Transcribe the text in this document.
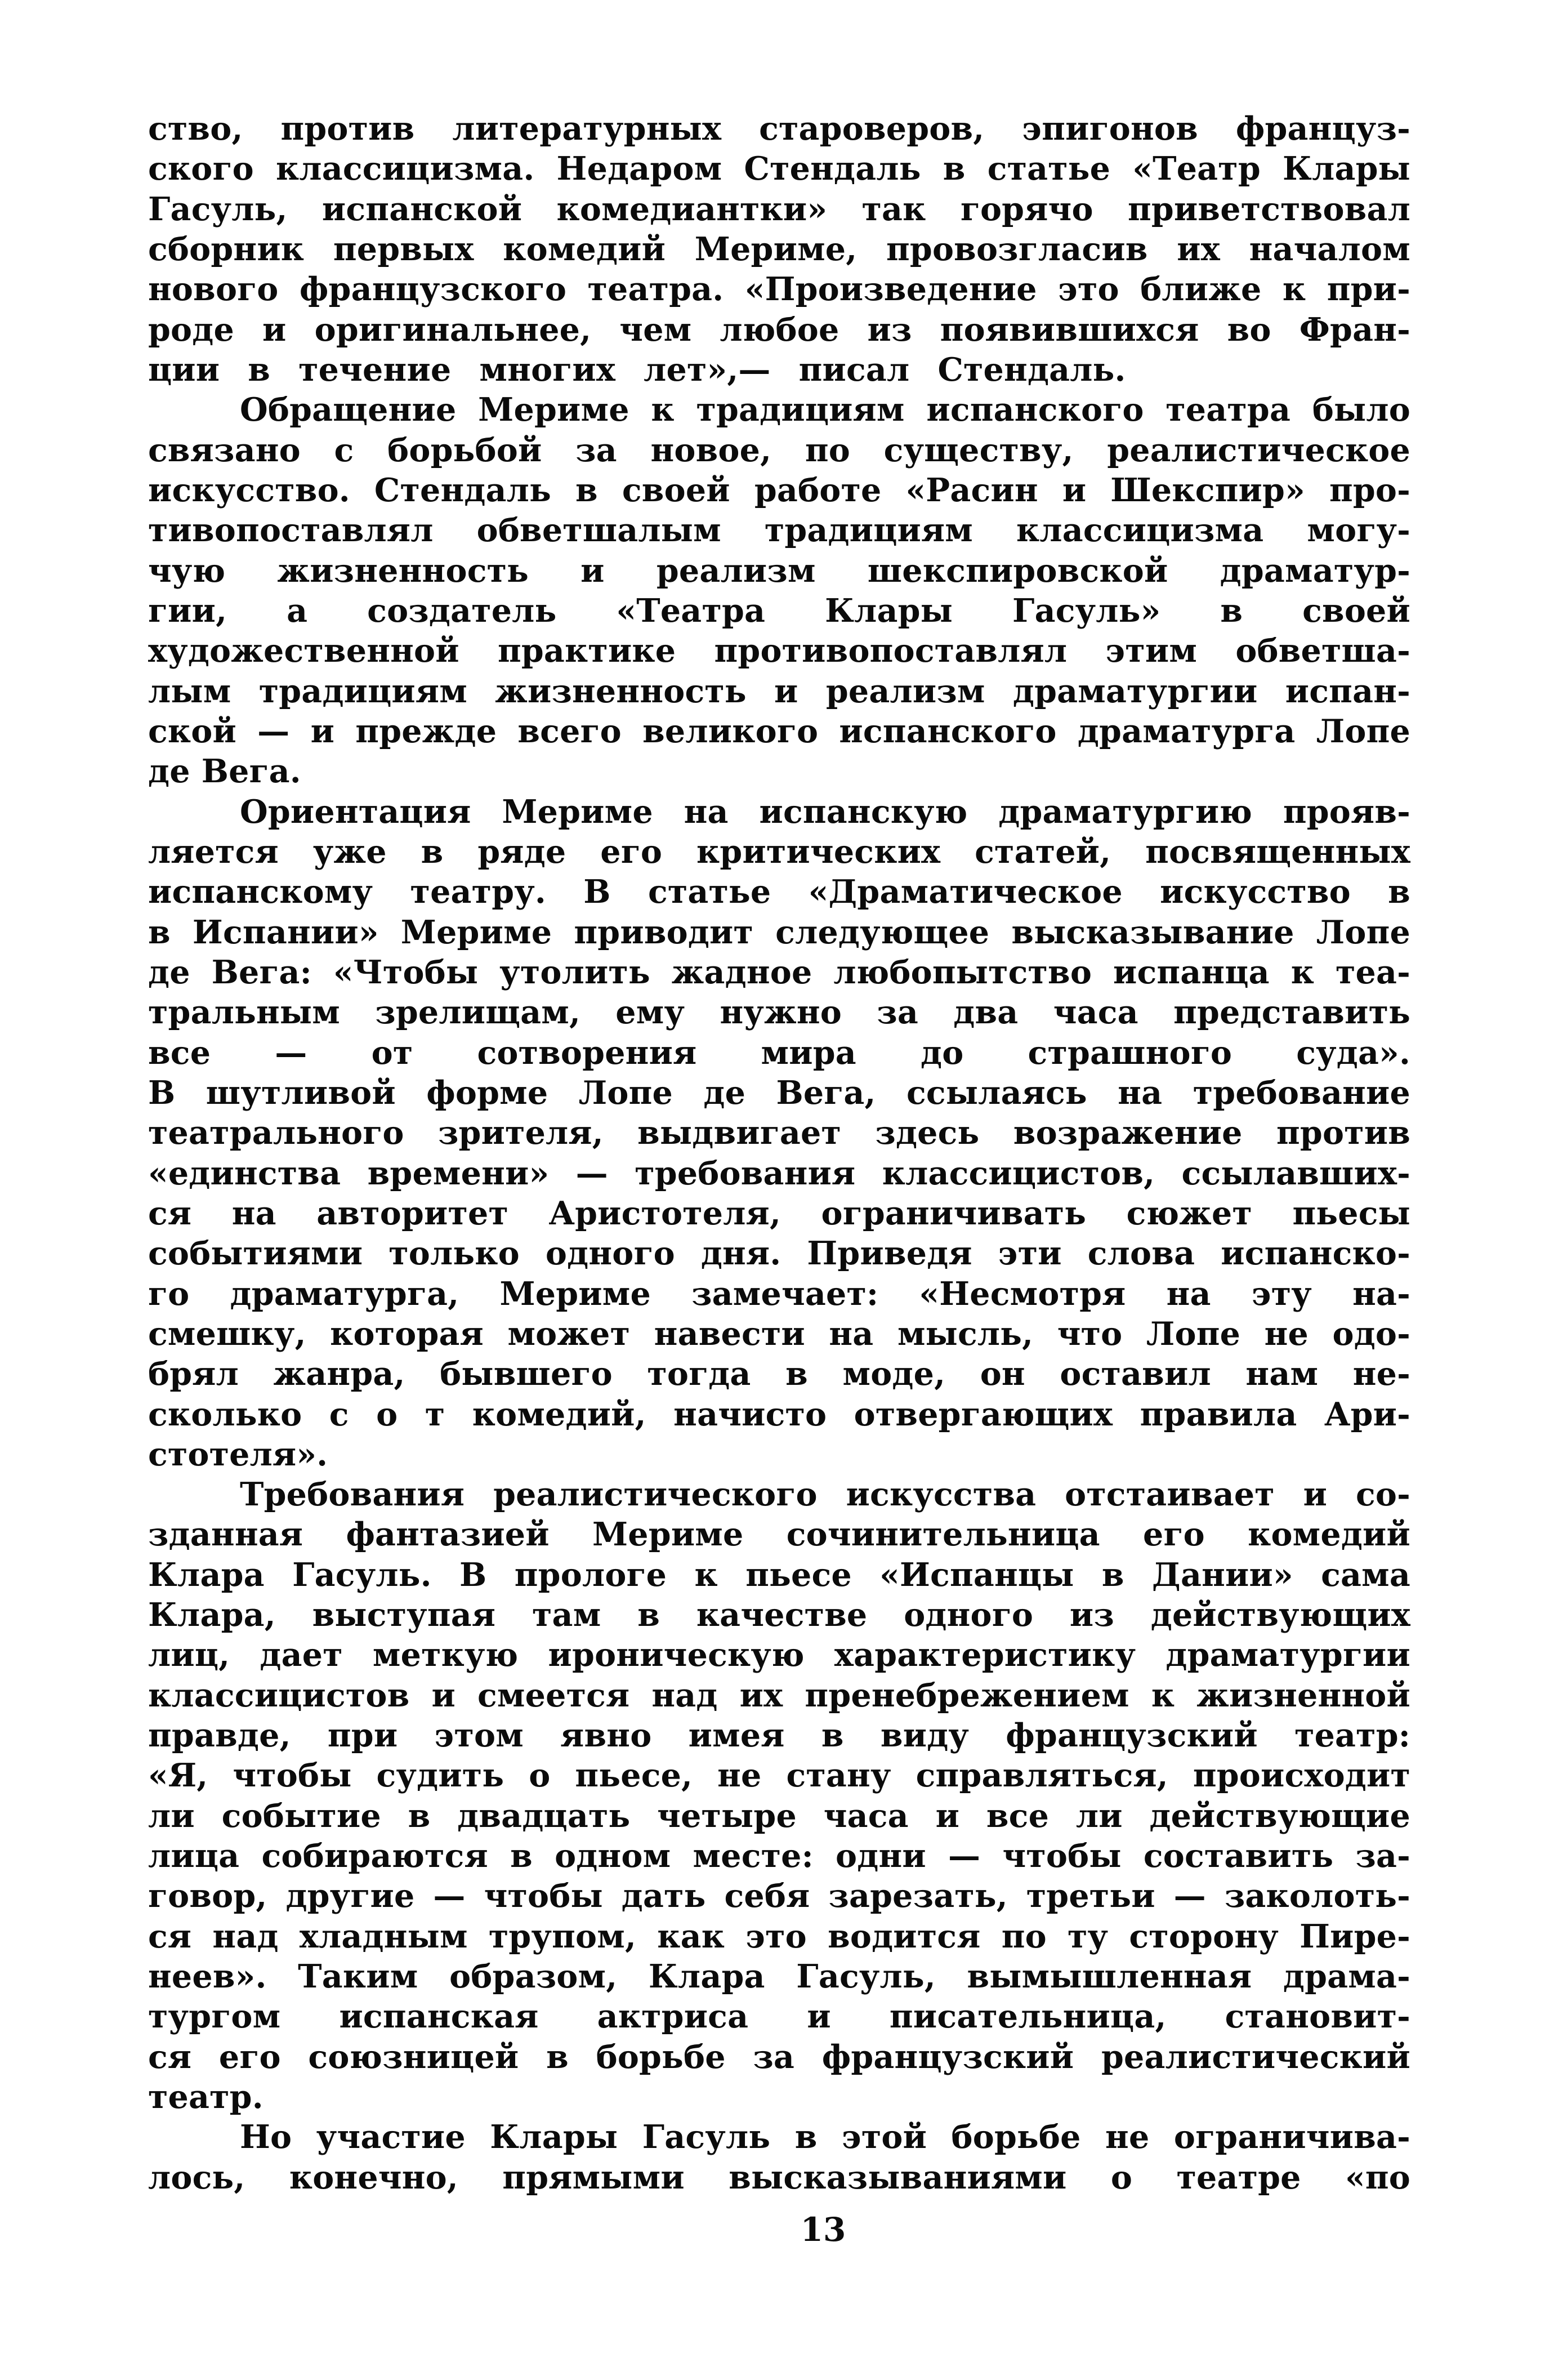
ство, против литературных староверов, эпигонов француз-
ского классицизма. Недаром Стендаль в статье «Театр Клары
Гасуль, испанской комедиантки» так горячо приветствовал
сборник первых комедий Мериме, провозгласив их началом
нового французского театра. «Произведение это ближе к при-
роде и оригинальнее, чем любое из появившихся во Фран-
ции в течение многих лет»,— писал Стендаль.
Обращение Мериме к традициям испанского театра было
связано с борьбой за новое, по существу, реалистическое
искусство. Стендаль в своей работе «Расин и Шекспир» про-
тивопоставлял обветшалым традициям классицизма могу-
чую жизненность и реализм шекспировской драматур-
гии, а создатель «Театра Клары Гасуль» в своей
художественной практике противопоставлял этим обветша-
лым традициям жизненность и реализм драматургии испан-
ской — и прежде всего великого испанского драматурга Лопе
де Вега.
Ориентация Мериме на испанскую драматургию прояв-
ляется уже в ряде его критических статей, посвященных
испанскому театру. В статье «Драматическое искусство в
в Испании» Мериме приводит следующее высказывание Лопе
де Вега: «Чтобы утолить жадное любопытство испанца к теа-
тральным зрелищам, ему нужно за два часа представить
все — от сотворения мира до страшного суда».
В шутливой форме Лопе де Вега, ссылаясь на требование
театрального зрителя, выдвигает здесь возражение против
«единства времени» — требования классицистов, ссылавших-
ся на авторитет Аристотеля, ограничивать сюжет пьесы
событиями только одного дня. Приведя эти слова испанско-
го драматурга, Мериме замечает: «Несмотря на эту на-
смешку, которая может навести на мысль, что Лопе не одо-
брял жанра, бывшего тогда в моде, он оставил нам не-
сколько с о т комедий, начисто отвергающих правила Ари-
стотеля».
Требования реалистического искусства отстаивает и со-
зданная фантазией Мериме сочинительница его комедий
Клара Гасуль. В прологе к пьесе «Испанцы в Дании» сама
Клара, выступая там в качестве одного из действующих
лиц, дает меткую ироническую характеристику драматургии
классицистов и смеется над их пренебрежением к жизненной
правде, при этом явно имея в виду французский театр:
«Я, чтобы судить о пьесе, не стану справляться, происходит
ли событие в двадцать четыре часа и все ли действующие
лица собираются в одном месте: одни — чтобы составить за-
говор, другие — чтобы дать себя зарезать, третьи — заколоть-
ся над хладным трупом, как это водится по ту сторону Пире-
неев». Таким образом, Клара Гасуль, вымышленная драма-
тургом испанская актриса и писательница, становит-
ся его союзницей в борьбе за французский реалистический
театр.
Но участие Клары Гасуль в этой борьбе не ограничива-
лось, конечно, прямыми высказываниями о театре «по
13
